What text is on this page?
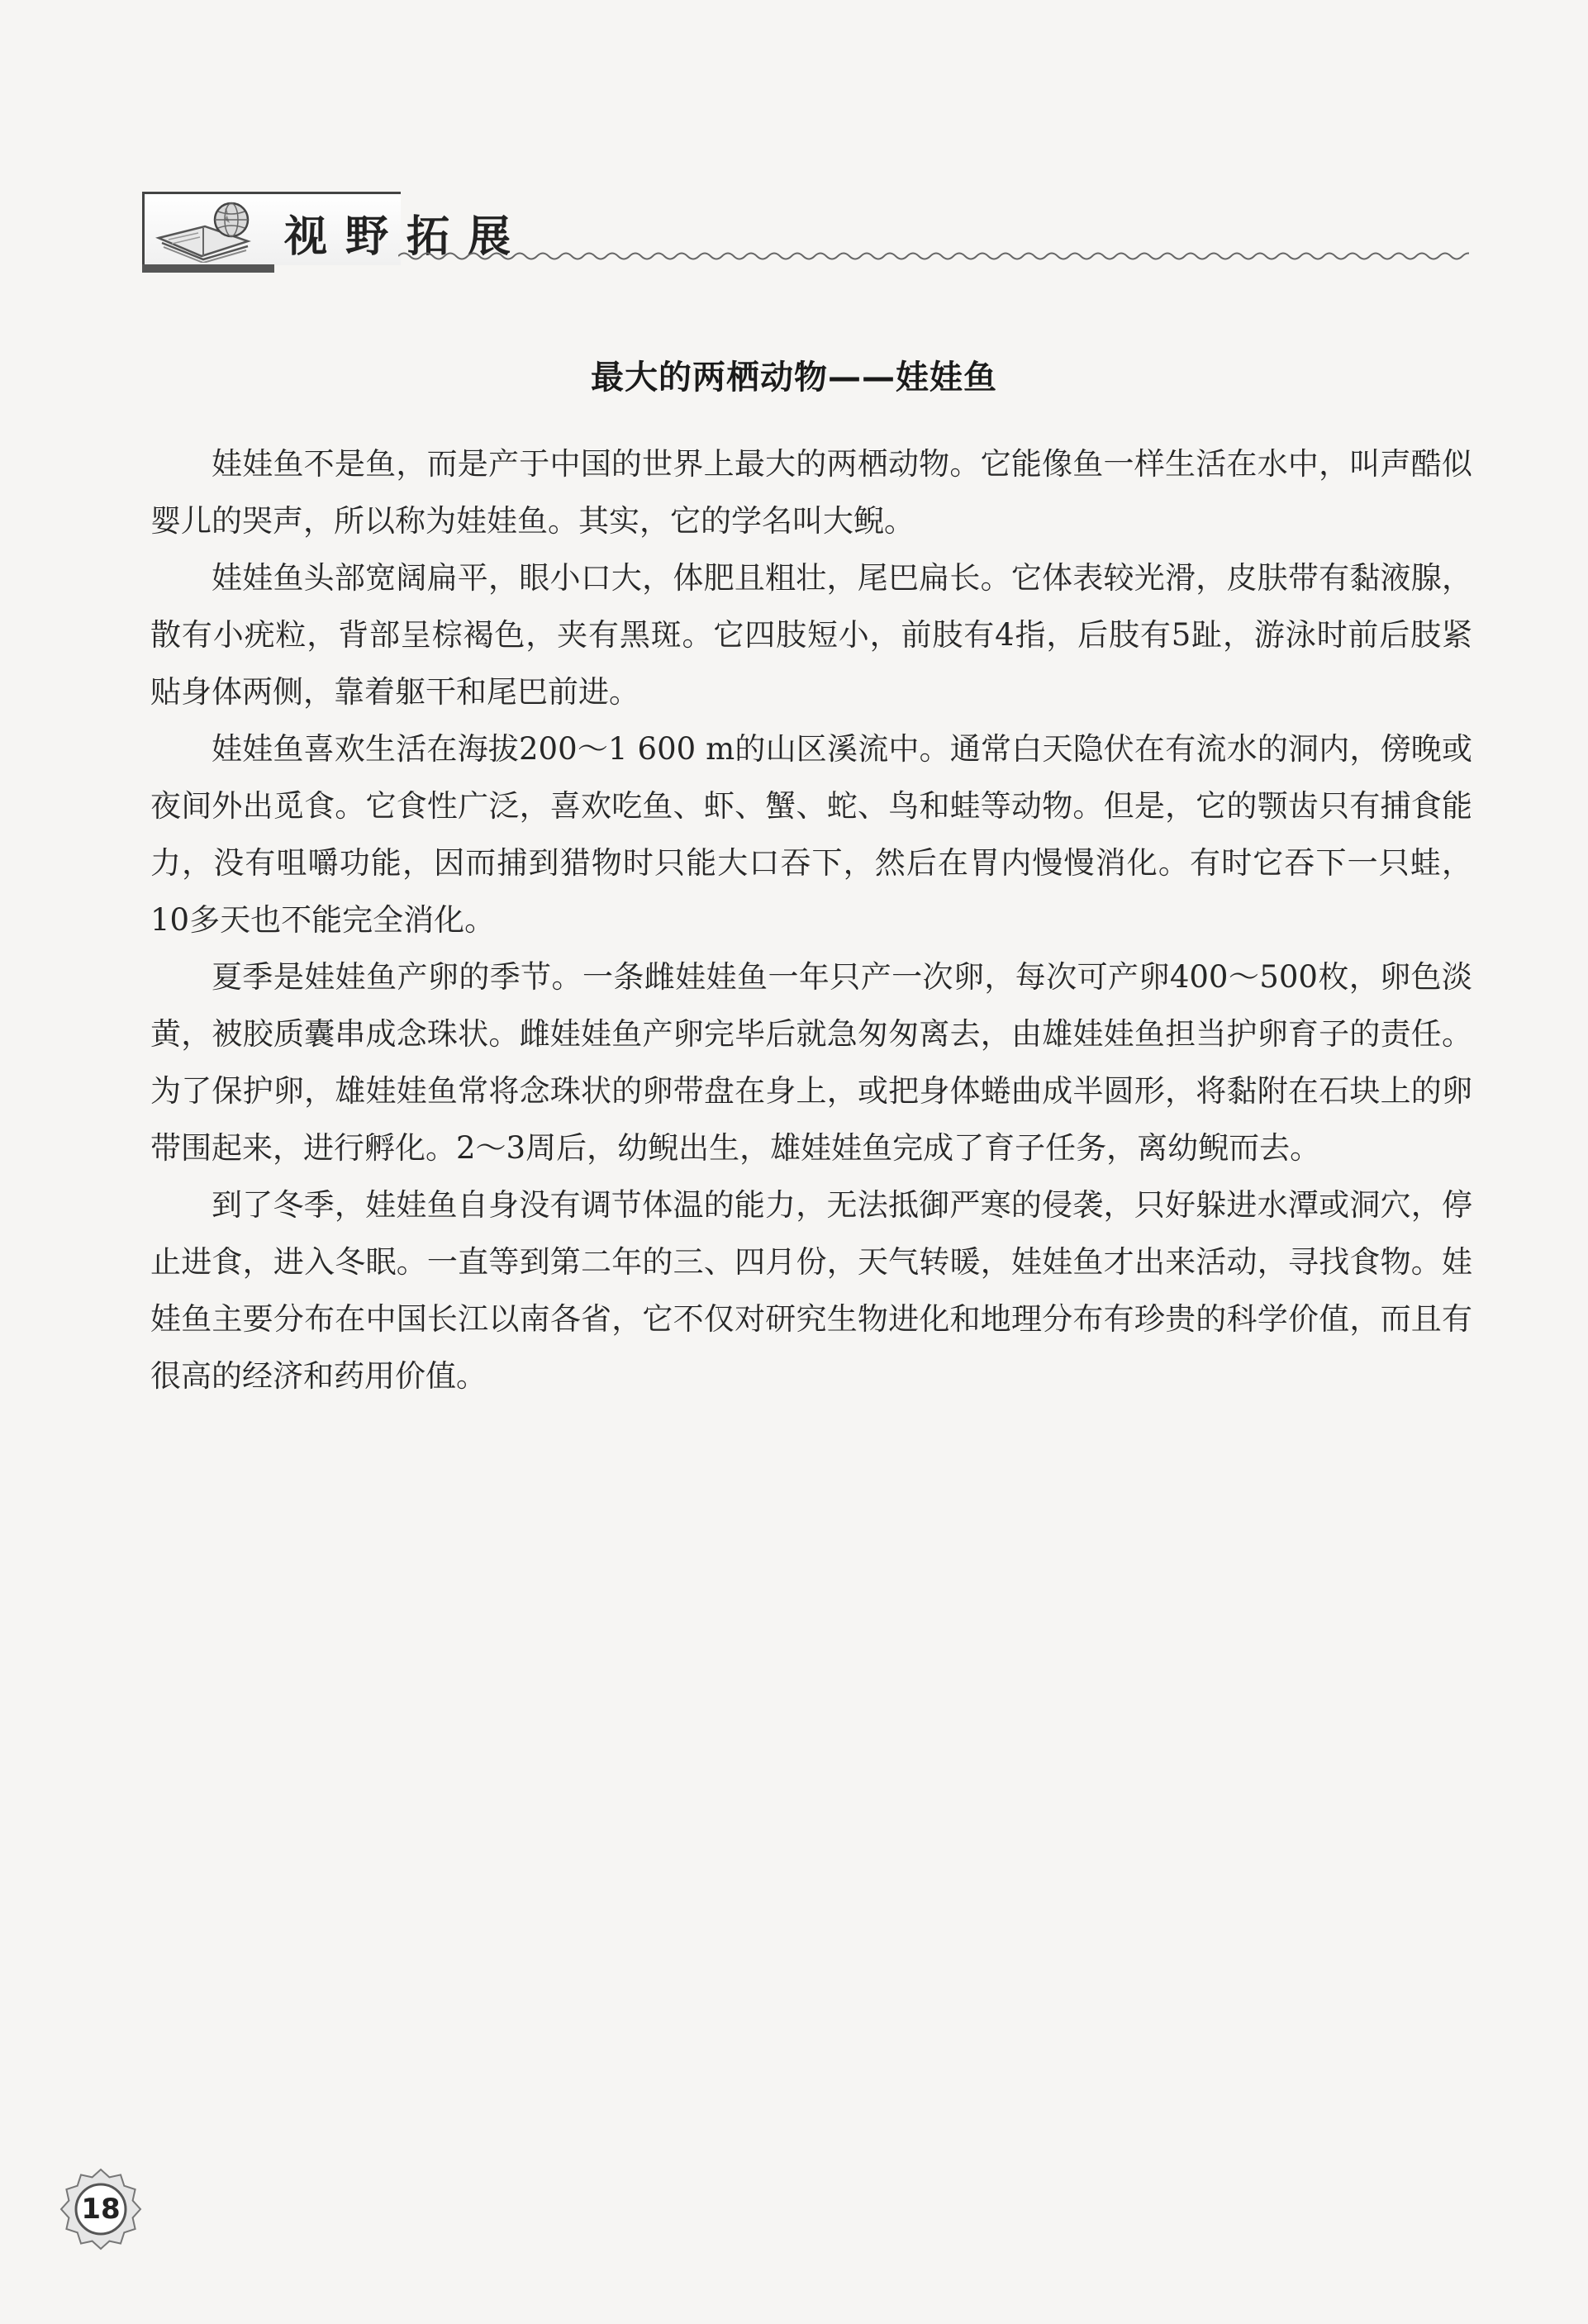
视野拓展
最大的两栖动物——娃娃鱼

娃娃鱼不是鱼，而是产于中国的世界上最大的两栖动物。它能像鱼一样生活在水中，叫声酷似婴儿的哭声，所以称为娃娃鱼。其实，它的学名叫大鲵。

娃娃鱼头部宽阔扁平，眼小口大，体肥且粗壮，尾巴扁长。它体表较光滑，皮肤带有黏液腺，散有小疣粒，背部呈棕褐色，夹有黑斑。它四肢短小，前肢有4指，后肢有5趾，游泳时前后肢紧贴身体两侧，靠着躯干和尾巴前进。

娃娃鱼喜欢生活在海拔200～1 600 m的山区溪流中。通常白天隐伏在有流水的洞内，傍晚或夜间外出觅食。它食性广泛，喜欢吃鱼、虾、蟹、蛇、鸟和蛙等动物。但是，它的颚齿只有捕食能力，没有咀嚼功能，因而捕到猎物时只能大口吞下，然后在胃内慢慢消化。有时它吞下一只蛙，10多天也不能完全消化。

夏季是娃娃鱼产卵的季节。一条雌娃娃鱼一年只产一次卵，每次可产卵400～500枚，卵色淡黄，被胶质囊串成念珠状。雌娃娃鱼产卵完毕后就急匆匆离去，由雄娃娃鱼担当护卵育子的责任。为了保护卵，雄娃娃鱼常将念珠状的卵带盘在身上，或把身体蜷曲成半圆形，将黏附在石块上的卵带围起来，进行孵化。2～3周后，幼鲵出生，雄娃娃鱼完成了育子任务，离幼鲵而去。

到了冬季，娃娃鱼自身没有调节体温的能力，无法抵御严寒的侵袭，只好躲进水潭或洞穴，停止进食，进入冬眠。一直等到第二年的三、四月份，天气转暖，娃娃鱼才出来活动，寻找食物。娃娃鱼主要分布在中国长江以南各省，它不仅对研究生物进化和地理分布有珍贵的科学价值，而且有很高的经济和药用价值。

18
